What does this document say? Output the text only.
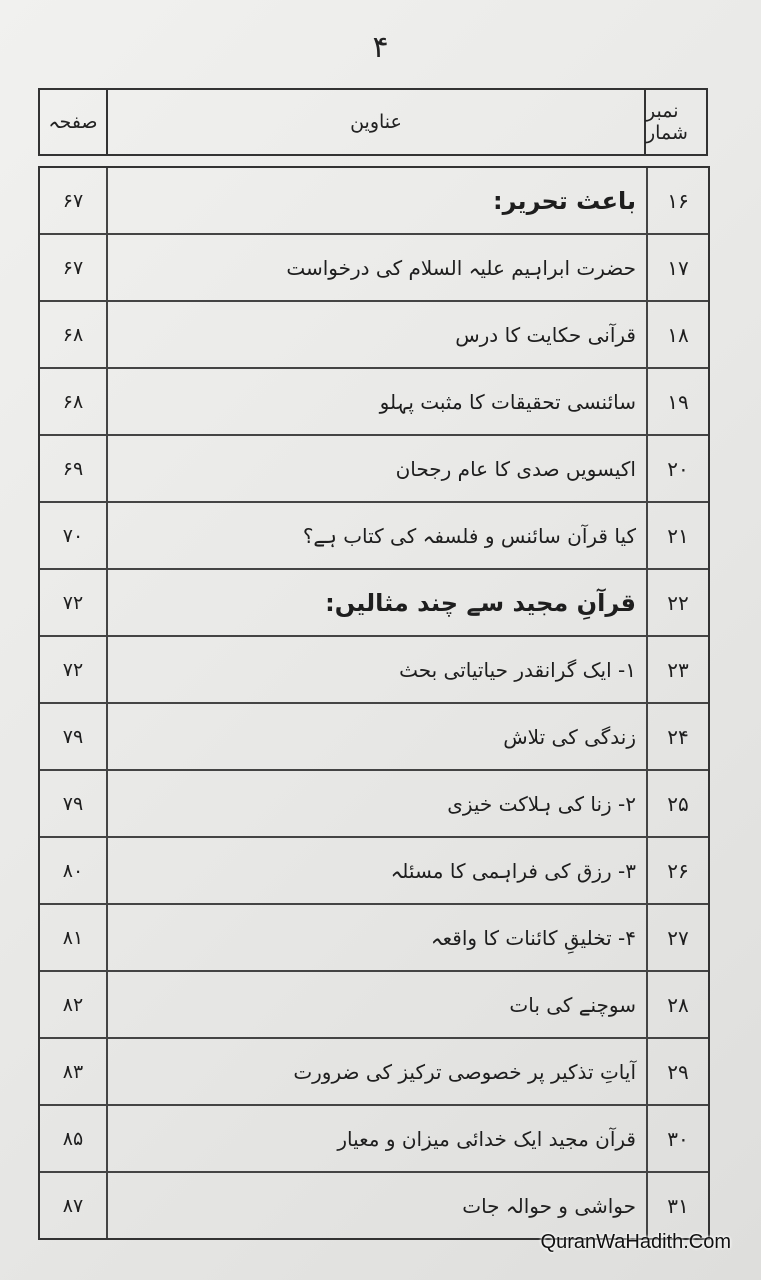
۴
نمبر شمار
عناوین
صفحہ
۱۶
باعث تحریر:
۶۷
۱۷
حضرت ابراہیم علیہ السلام کی درخواست
۶۷
۱۸
قرآنی حکایت کا درس
۶۸
۱۹
سائنسی تحقیقات کا مثبت پہلو
۶۸
۲۰
اکیسویں صدی کا عام رجحان
۶۹
۲۱
کیا قرآن سائنس و فلسفہ کی کتاب ہے؟
۷۰
۲۲
قرآنِ مجید سے چند مثالیں:
۷۲
۲۳
۱- ایک گرانقدر حیاتیاتی بحث
۷۲
۲۴
زندگی کی تلاش
۷۹
۲۵
۲- زنا کی ہلاکت خیزی
۷۹
۲۶
۳- رزق کی فراہمی کا مسئلہ
۸۰
۲۷
۴- تخلیقِ کائنات کا واقعہ
۸۱
۲۸
سوچنے کی بات
۸۲
۲۹
آیاتِ تذکیر پر خصوصی ترکیز کی ضرورت
۸۳
۳۰
قرآن مجید ایک خدائی میزان و معیار
۸۵
۳۱
حواشی و حوالہ جات
۸۷
QuranWaHadith.Com
